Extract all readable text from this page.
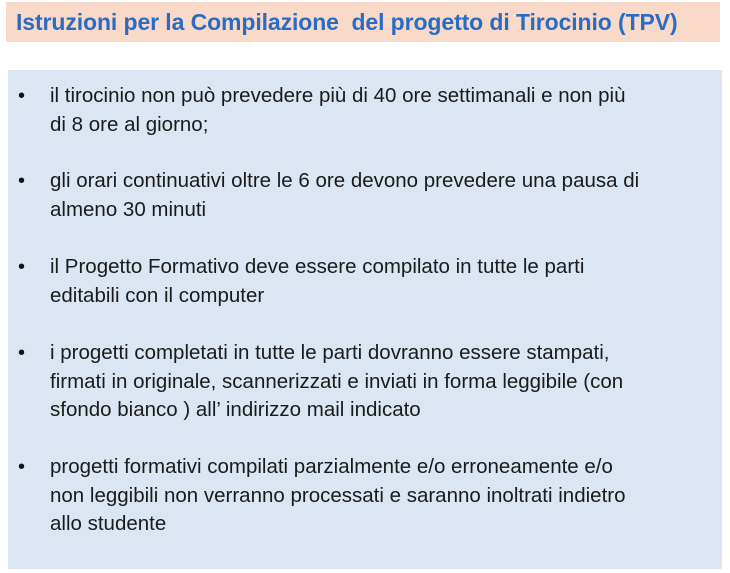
Istruzioni per la Compilazione  del progetto di Tirocinio (TPV)
• il tirocinio non può prevedere più di 40 ore settimanali e non più
di 8 ore al giorno;
• gli orari continuativi oltre le 6 ore devono prevedere una pausa di
almeno 30 minuti
• il Progetto Formativo deve essere compilato in tutte le parti
editabili con il computer
• i progetti completati in tutte le parti dovranno essere stampati,
firmati in originale, scannerizzati e inviati in forma leggibile (con
sfondo bianco ) all’ indirizzo mail indicato
• progetti formativi compilati parzialmente e/o erroneamente e/o
non leggibili non verranno processati e saranno inoltrati indietro
allo studente
